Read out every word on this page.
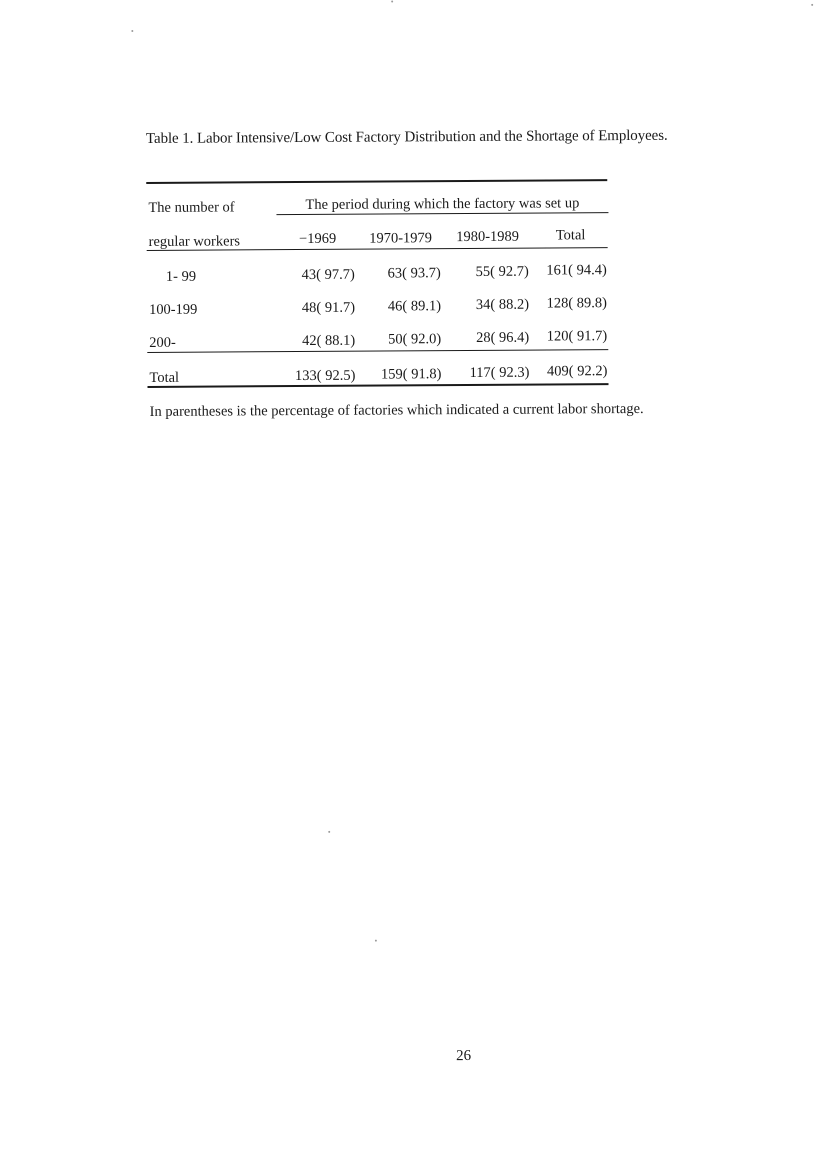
Table 1. Labor Intensive/Low Cost Factory Distribution and the Shortage of Employees.
The number of	The period during which the factory was set up
regular workers	−1969	1970-1979	1980-1989	Total
1- 99	43( 97.7)	63( 93.7)	55( 92.7)	161( 94.4)
100-199	48( 91.7)	46( 89.1)	34( 88.2)	128( 89.8)
200-	42( 88.1)	50( 92.0)	28( 96.4)	120( 91.7)
Total	133( 92.5)	159( 91.8)	117( 92.3)	409( 92.2)
In parentheses is the percentage of factories which indicated a current labor shortage.
26
